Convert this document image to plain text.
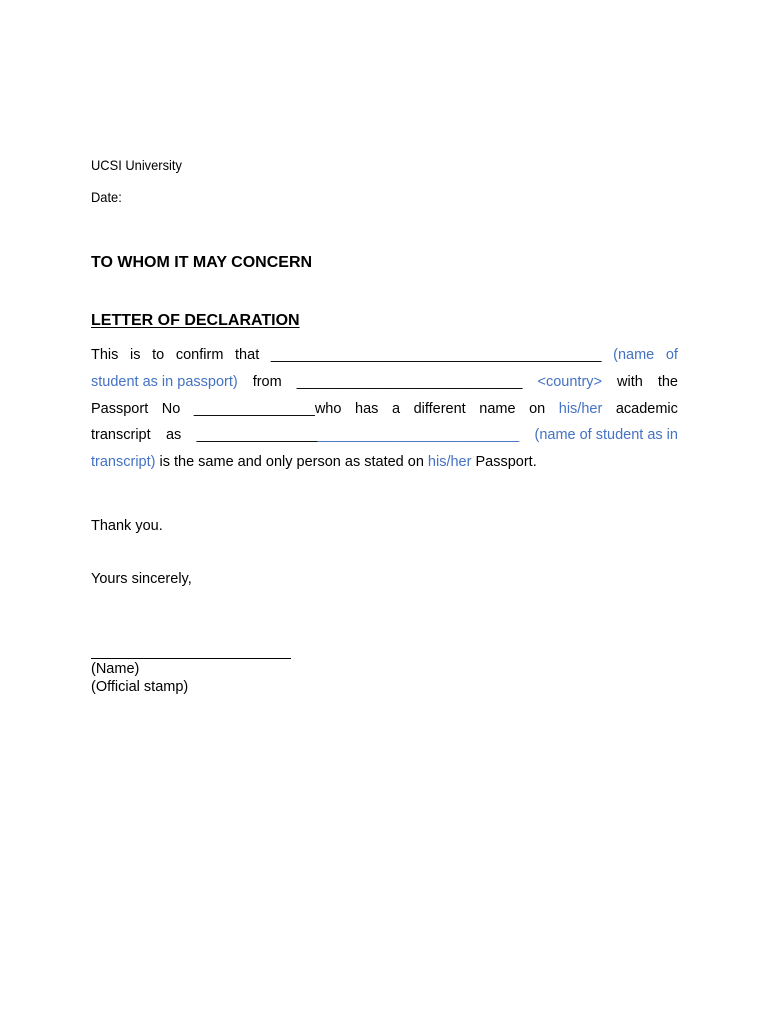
UCSI University
Date:
TO WHOM IT MAY CONCERN
LETTER OF DECLARATION
This is to confirm that _________________________________________ (name of
student as in passport) from ____________________________ <country> with the
Passport No _______________who has a different name on his/her academic
transcript as ________________________________________ (name of student as in
transcript) is the same and only person as stated on his/her Passport.
Thank you.
Yours sincerely,
(Name)
(Official stamp)
